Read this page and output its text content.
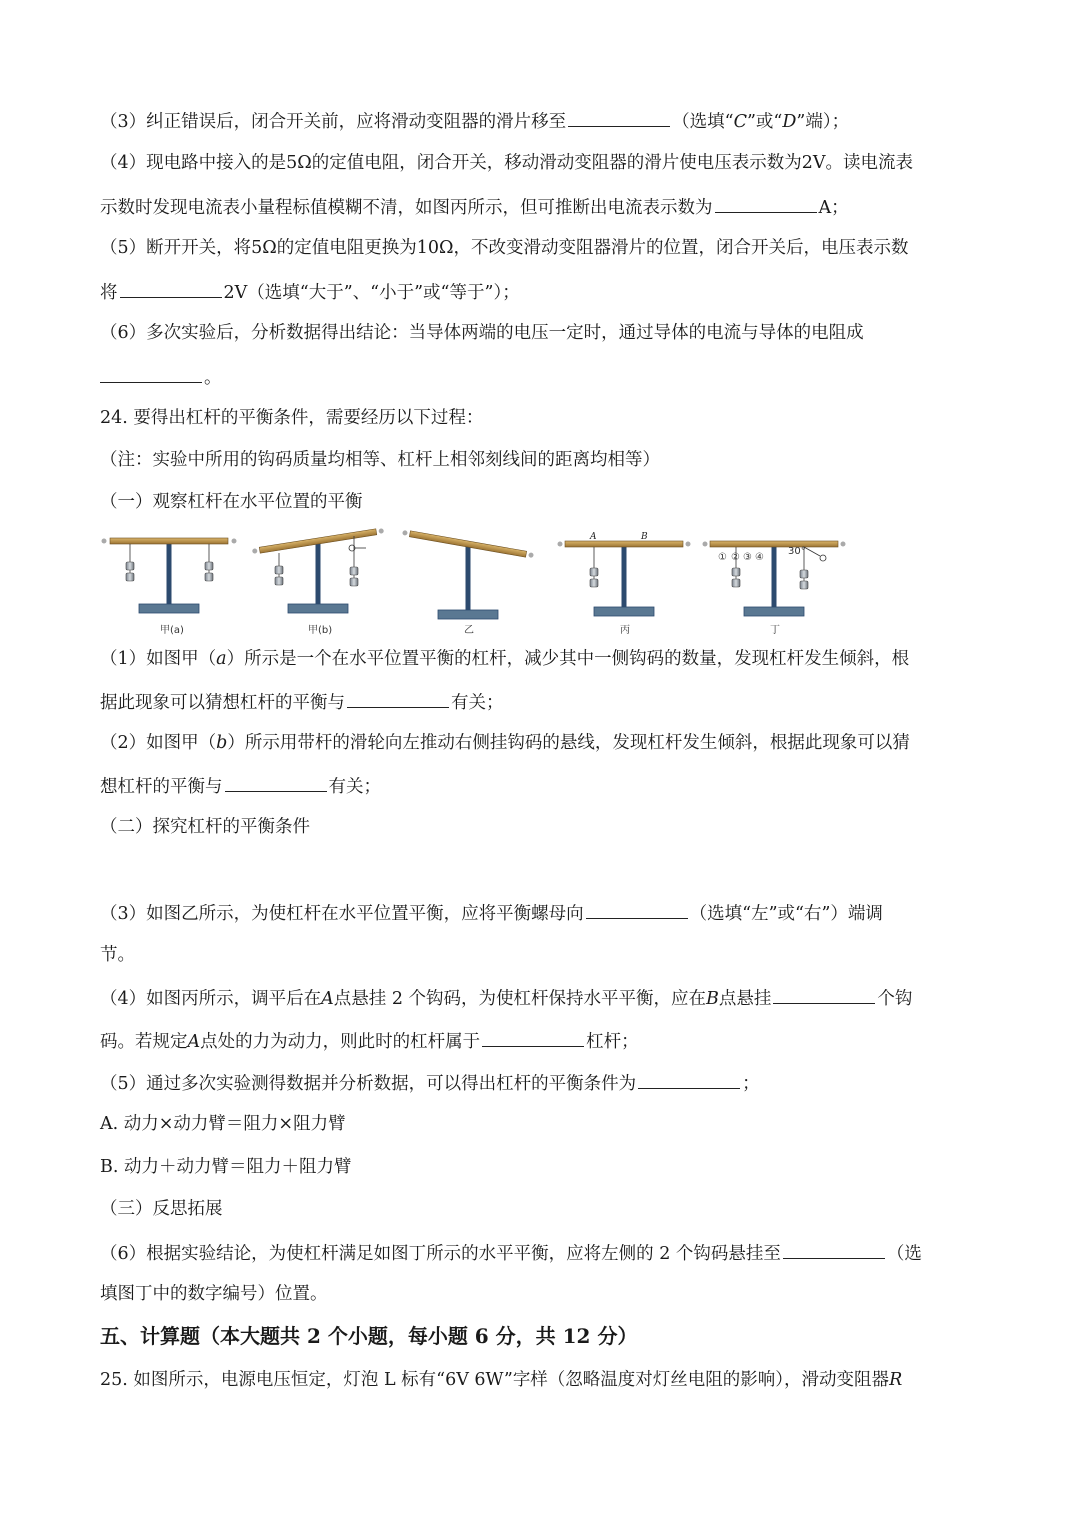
（3）纠正错误后，闭合开关前，应将滑动变阻器的滑片移至	（选填“C”或“D”端）；
（4）现电路中接入的是5Ω的定值电阻，闭合开关，移动滑动变阻器的滑片使电压表示数为2V。读电流表
示数时发现电流表小量程标值模糊不清，如图丙所示，但可推断出电流表示数为	A；
（5）断开开关，将5Ω的定值电阻更换为10Ω，不改变滑动变阻器滑片的位置，闭合开关后，电压表示数
将	2V（选填“大于”、“小于”或“等于”）；
（6）多次实验后，分析数据得出结论：当导体两端的电压一定时，通过导体的电流与导体的电阻成
。
24. 要得出杠杆的平衡条件，需要经历以下过程：
（注：实验中所用的钩码质量均相等、杠杆上相邻刻线间的距离均相等）
（一）观察杠杆在水平位置的平衡
甲(a)	甲(b)	乙
A	B
丙
① ② ③ ④
30°
丁
（1）如图甲（a）所示是一个在水平位置平衡的杠杆，减少其中一侧钩码的数量，发现杠杆发生倾斜，根
据此现象可以猜想杠杆的平衡与	有关；
（2）如图甲（b）所示用带杆的滑轮向左推动右侧挂钩码的悬线，发现杠杆发生倾斜，根据此现象可以猜
想杠杆的平衡与	有关；
（二）探究杠杆的平衡条件
（3）如图乙所示，为使杠杆在水平位置平衡，应将平衡螺母向	（选填“左”或“右”）端调
节。
（4）如图丙所示，调平后在A点悬挂 2 个钩码，为使杠杆保持水平平衡，应在B点悬挂	个钩
码。若规定A点处的力为动力，则此时的杠杆属于	杠杆；
（5）通过多次实验测得数据并分析数据，可以得出杠杆的平衡条件为	；
A. 动力×动力臂＝阻力×阻力臂
B. 动力＋动力臂＝阻力＋阻力臂
（三）反思拓展
（6）根据实验结论，为使杠杆满足如图丁所示的水平平衡，应将左侧的 2 个钩码悬挂至	（选
填图丁中的数字编号）位置。
五、计算题（本大题共 2 个小题，每小题 6 分，共 12 分）
25. 如图所示，电源电压恒定，灯泡 L 标有“6V 6W”字样（忽略温度对灯丝电阻的影响），滑动变阻器R
